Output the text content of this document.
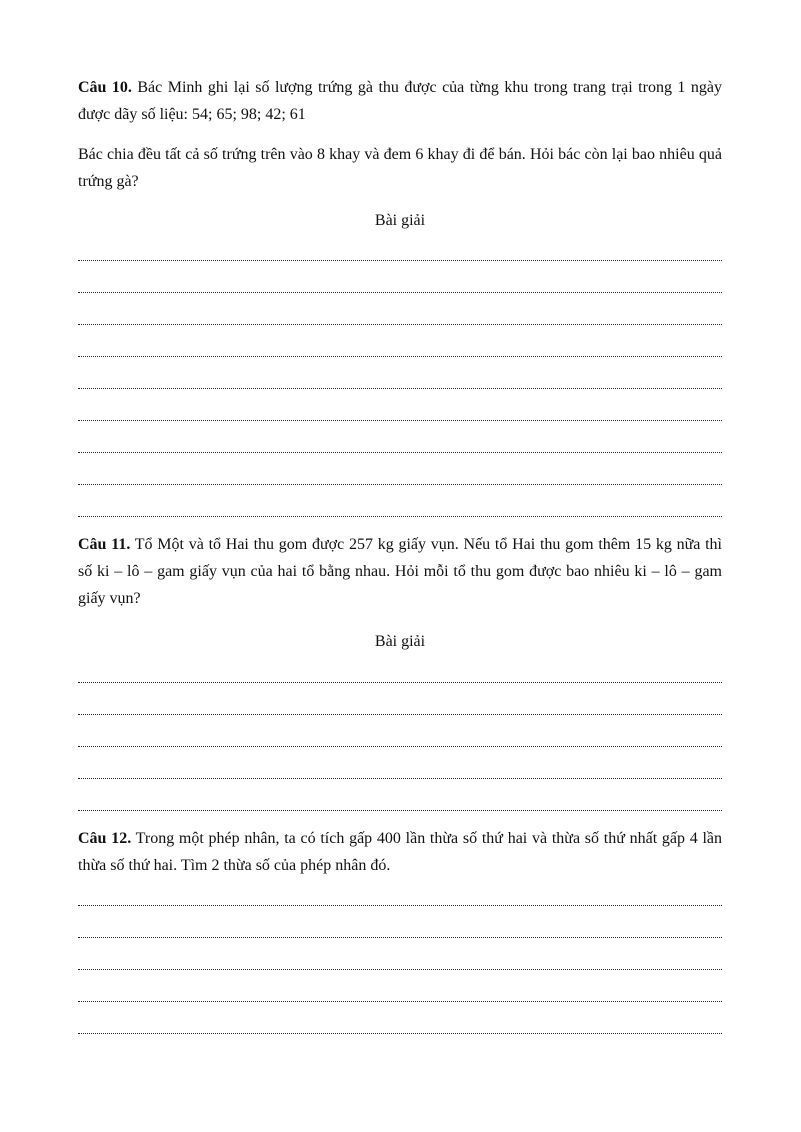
Câu 10. Bác Minh ghi lại số lượng trứng gà thu được của từng khu trong trang trại trong 1 ngày được dãy số liệu: 54; 65; 98; 42; 61

Bác chia đều tất cả số trứng trên vào 8 khay và đem 6 khay đi để bán. Hỏi bác còn lại bao nhiêu quả trứng gà?

Bài giải

Câu 11. Tổ Một và tổ Hai thu gom được 257 kg giấy vụn. Nếu tổ Hai thu gom thêm 15 kg nữa thì số ki – lô – gam giấy vụn của hai tổ bằng nhau. Hỏi mỗi tổ thu gom được bao nhiêu ki – lô – gam giấy vụn?

Bài giải

Câu 12. Trong một phép nhân, ta có tích gấp 400 lần thừa số thứ hai và thừa số thứ nhất gấp 4 lần thừa số thứ hai. Tìm 2 thừa số của phép nhân đó.
